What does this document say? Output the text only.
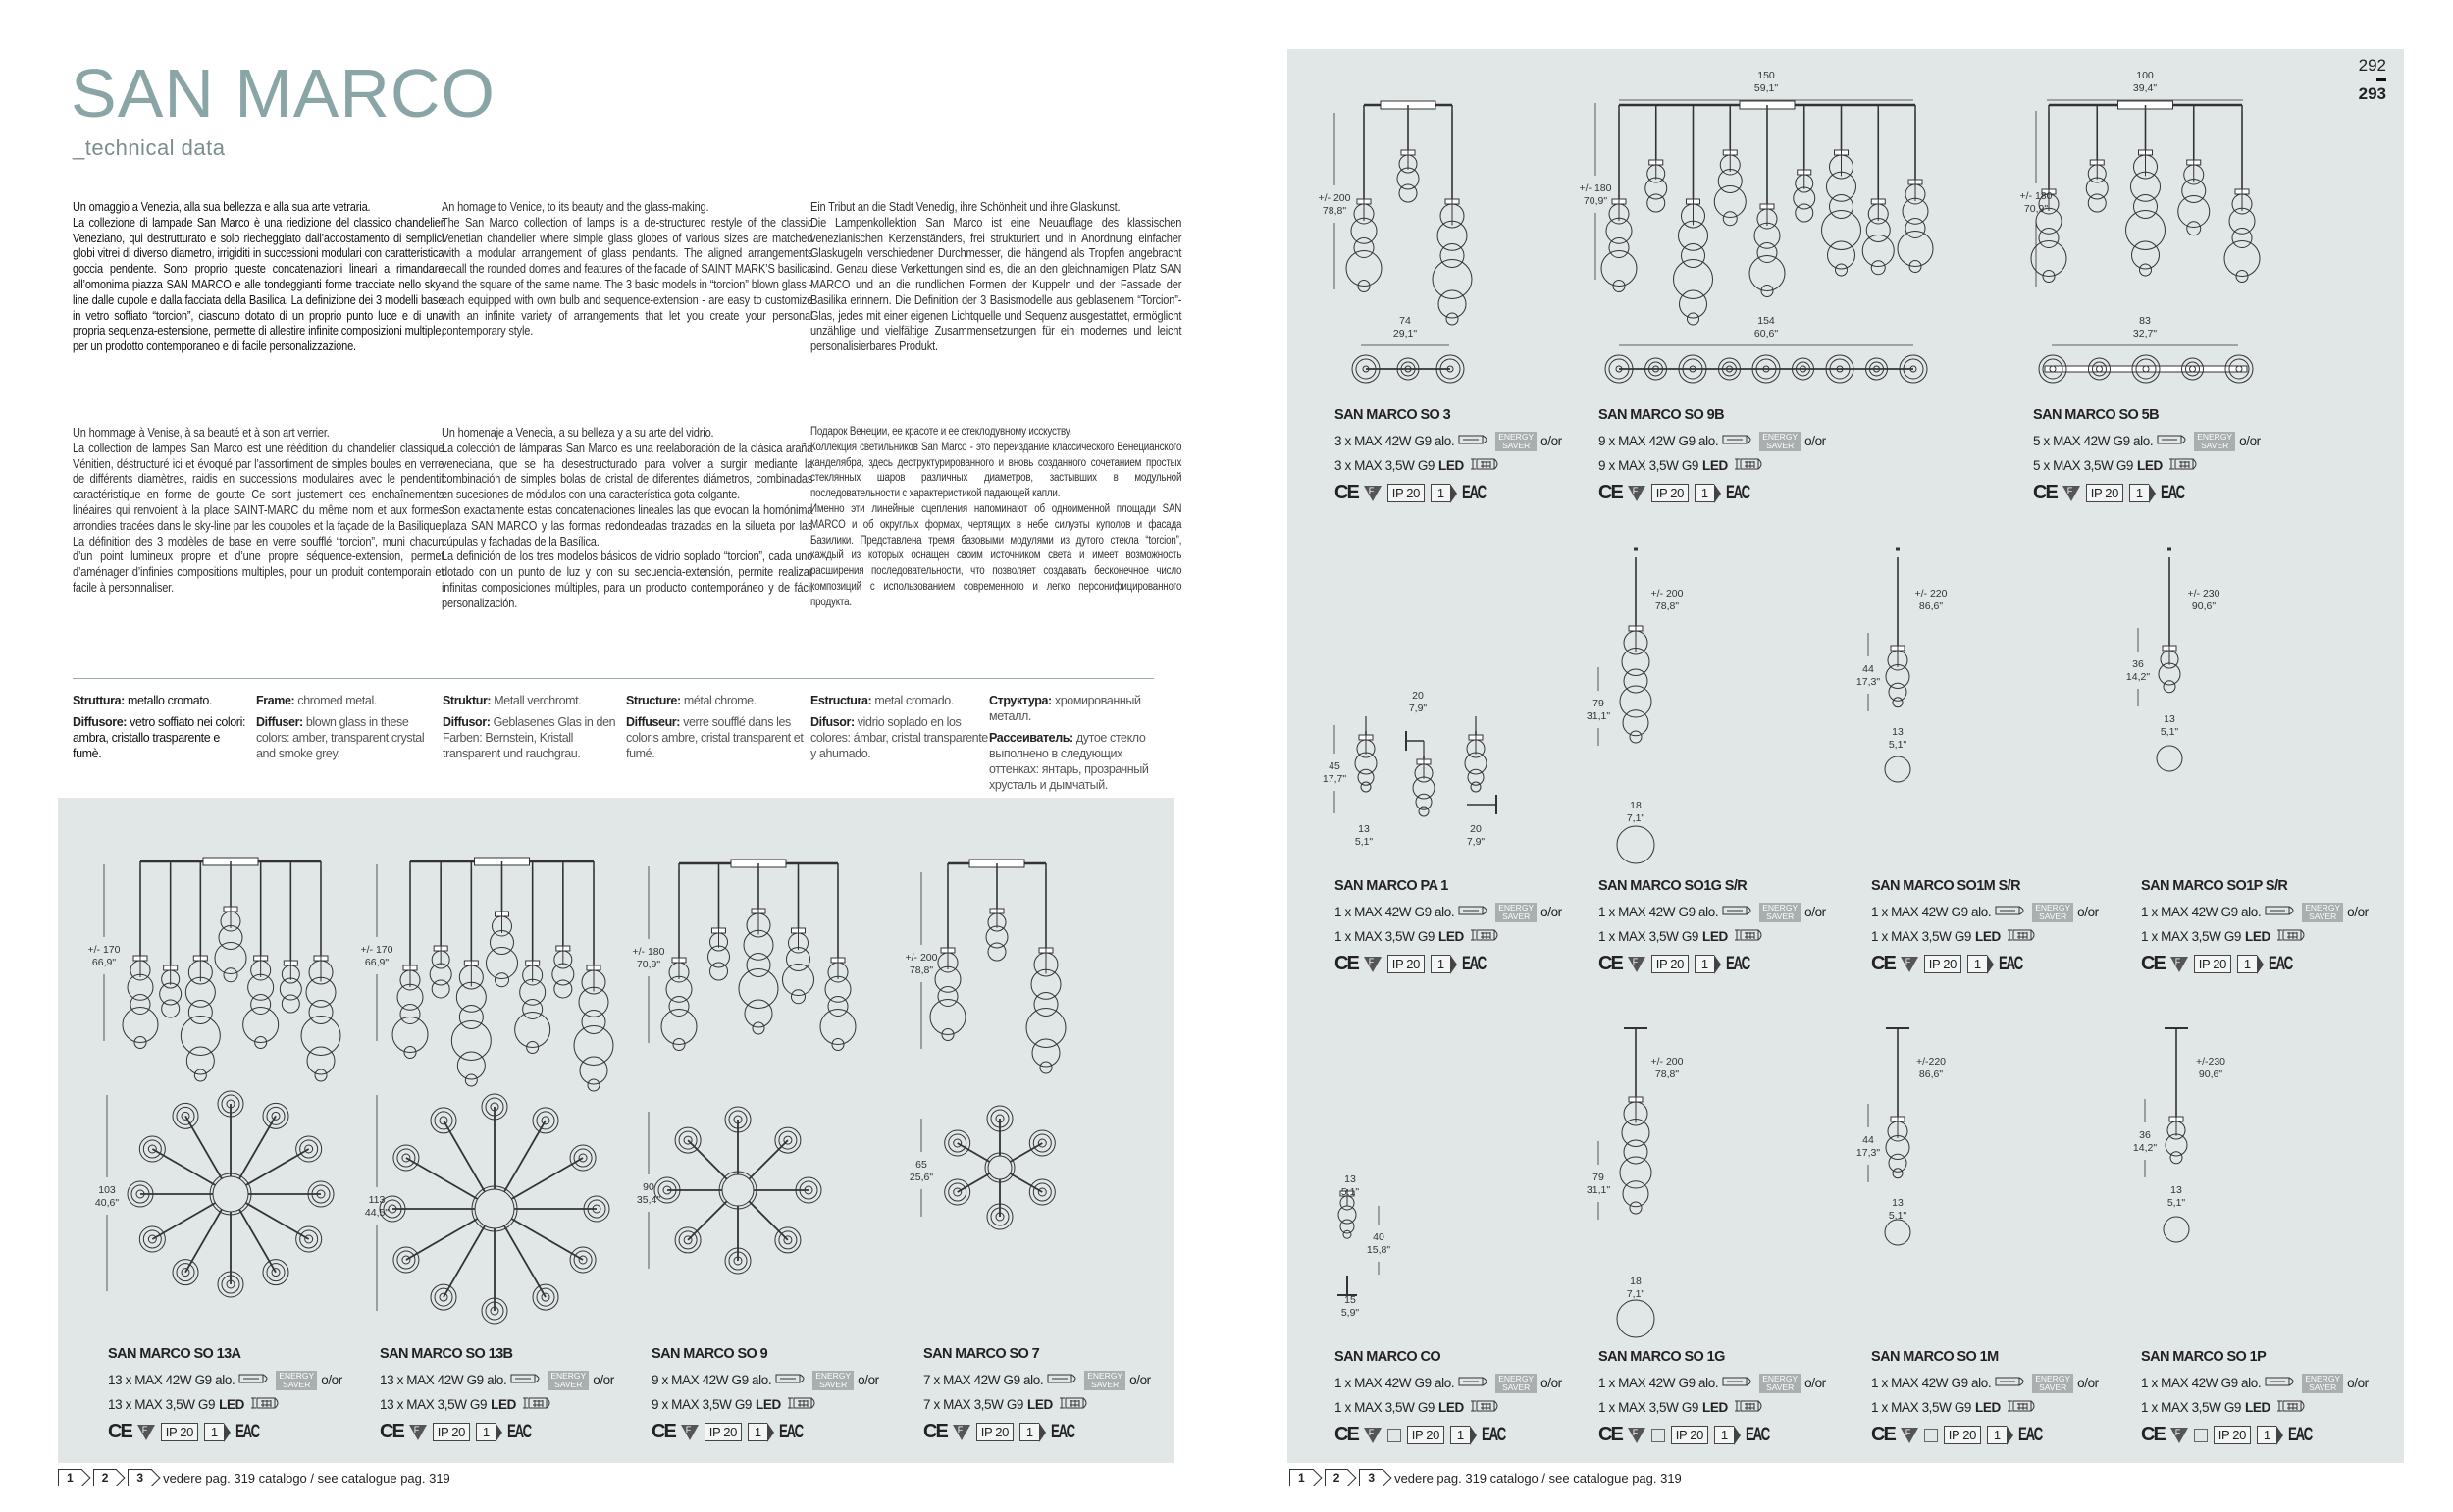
SAN MARCO
_technical data
292
293

Un omaggio a Venezia, alla sua bellezza e alla sua arte vetraria.

La collezione di lampade San Marco è una riedizione del classico chandelier Veneziano, qui destrutturato e solo riecheggiato dall’accostamento di semplici globi vitrei di diverso diametro, irrigiditi in successioni modulari con caratteristica goccia pendente. Sono proprio queste concatenazioni lineari a rimandare all’omonima piazza SAN MARCO e alle tondeggianti forme tracciate nello sky-line dalle cupole e dalla facciata della Basilica. La definizione dei 3 modelli base in vetro soffiato “torcion”, ciascuno dotato di un proprio punto luce e di una propria sequenza-estensione, permette di allestire infinite composizioni multiple, per un prodotto contemporaneo e di facile personalizzazione.

An homage to Venice, to its beauty and the glass-making.

The San Marco collection of lamps is a de-structured restyle of the classic Venetian chandelier where simple glass globes of various sizes are matched with a modular arrangement of glass pendants. The aligned arrangements recall the rounded domes and features of the facade of SAINT MARK’S basilica and the square of the same name. The 3 basic models in “torcion” blown glass - each equipped with own bulb and sequence-extension - are easy to customize with an infinite variety of arrangements that let you create your personal contemporary style.

Ein Tribut an die Stadt Venedig, ihre Schönheit und ihre Glaskunst.

Die Lampenkollektion San Marco ist eine Neuauflage des klassischen venezianischen Kerzenständers, frei strukturiert und in Anordnung einfacher Glaskugeln verschiedener Durchmesser, die hängend als Tropfen angebracht sind. Genau diese Verkettungen sind es, die an den gleichnamigen Platz SAN MARCO und an die rundlichen Formen der Kuppeln und der Fassade der Basilika erinnern. Die Definition der 3 Basismodelle aus geblasenem “Torcion”-Glas, jedes mit einer eigenen Lichtquelle und Sequenz ausgestattet, ermöglicht unzählige und vielfältige Zusammensetzungen für ein modernes und leicht personalisierbares Produkt.

Un hommage à Venise, à sa beauté et à son art verrier.

La collection de lampes San Marco est une réédition du chandelier classique Vénitien, déstructuré ici et évoqué par l’assortiment de simples boules en verre de différents diamètres, raidis en successions modulaires avec le pendentif caractéristique en forme de goutte Ce sont justement ces enchaînements linéaires qui renvoient à la place SAINT-MARC du même nom et aux formes arrondies tracées dans le sky-line par les coupoles et la façade de la Basilique. La définition des 3 modèles de base en verre soufflé “torcion”, muni chacun d’un point lumineux propre et d’une propre séquence-extension, permet d’aménager d’infinies compositions multiples, pour un produit contemporain et facile à personnaliser.

Un homenaje a Venecia, a su belleza y a su arte del vidrio.

La colección de lámparas San Marco es una reelaboración de la clásica araña veneciana, que se ha desestructurado para volver a surgir mediante la combinación de simples bolas de cristal de diferentes diámetros, combinadas en sucesiones de módulos con una característica gota colgante.

Son exactamente estas concatenaciones lineales las que evocan la homónima plaza SAN MARCO y las formas redondeadas trazadas en la silueta por las cúpulas y fachadas de la Basílica.

La definición de los tres modelos básicos de vidrio soplado “torcion”, cada uno dotado con un punto de luz y con su secuencia-extensión, permite realizar infinitas composiciones múltiples, para un producto contemporáneo y de fácil personalización.

Подарок Венеции, ее красоте и ее стеклодувному исскуству.

Коллекция светильников San Marco - это переиздание классического Венецианского канделябра, здесь деструктурированного и вновь созданного сочетанием простых стеклянных шаров различных диаметров, застывших в модульной последовательности с характеристикой падающей капли.

Именно эти линейные сцепления напоминают об одноименной площади SAN MARCO и об округлых формах, чертящих в небе силуэты куполов и фасада Базилики. Представлена тремя базовыми модулями из дутого стекла “torcion”, каждый из которых оснащен своим источником света и имеет возможность расширения последовательности, что позволяет создавать бесконечное число композиций с использованием современного и легко персонифицированного продукта.

Struttura: metallo cromato.
Diffusore: vetro soffiato nei colori: ambra, cristallo trasparente e fumè.
Frame: chromed metal.
Diffuser: blown glass in these colors: amber, transparent crystal and smoke grey.
Struktur: Metall verchromt.
Diffusor: Geblasenes Glas in den Farben: Bernstein, Kristall transparent und rauchgrau.
Structure: métal chrome.
Diffuseur: verre soufflé dans les coloris ambre, cristal transparent et fumé.
Estructura: metal cromado.
Difusor: vidrio soplado en los colores: ámbar, cristal transparente y ahumado.
Структура: хромированный металл.
Рассеиватель: дутое стекло выполнено в следующих оттенках: янтарь, прозрачный хрусталь и дымчатый.
+/- 170
66,9"
103
40,6"
+/- 170
66,9"
113
44,5"
+/- 180
70,9"
90
35,4"
+/- 200
78,8"
65
25,6"
+/- 200
78,8"
74
29,1"
150
59,1"
+/- 180
70,9"
154
60,6"
100
39,4"
+/- 180
70,9"
83
32,7"
20
7,9"
45
17,7"
13
5,1"
20
7,9"
+/- 200
78,8"
79
31,1"
18
7,1"
+/- 220
86,6"
44
17,3"
13
5,1"
+/- 230
90,6"
36
14,2"
13
5,1"
+/- 200
78,8"
79
31,1"
18
7,1"
+/-220
86,6"
44
17,3"
13
5,1"
+/-230
90,6"
36
14,2"
13
5,1"
13
5,1"
40
15,8"
15
5,9"
SAN MARCO SO 13A
13 x MAX 42W G9 alo.	ENERGY
SAVER o/or
13 x MAX 3,5W G9 LED
CE F	IP 20	1 EAC
SAN MARCO SO 13B
13 x MAX 42W G9 alo.	ENERGY
SAVER o/or
13 x MAX 3,5W G9 LED
CE F	IP 20	1 EAC
SAN MARCO SO 9
9 x MAX 42W G9 alo.	ENERGY
SAVER o/or
9 x MAX 3,5W G9 LED
CE F	IP 20	1 EAC
SAN MARCO SO 7
7 x MAX 42W G9 alo.	ENERGY
SAVER o/or
7 x MAX 3,5W G9 LED
CE F	IP 20	1 EAC
SAN MARCO SO 3
3 x MAX 42W G9 alo.	ENERGY
SAVER o/or
3 x MAX 3,5W G9 LED
CE F	IP 20	1 EAC
SAN MARCO SO 9B
9 x MAX 42W G9 alo.	ENERGY
SAVER o/or
9 x MAX 3,5W G9 LED
CE F	IP 20	1 EAC
SAN MARCO SO 5B
5 x MAX 42W G9 alo.	ENERGY
SAVER o/or
5 x MAX 3,5W G9 LED
CE F	IP 20	1 EAC
SAN MARCO PA 1
1 x MAX 42W G9 alo.	ENERGY
SAVER o/or
1 x MAX 3,5W G9 LED
CE F	IP 20	1 EAC
SAN MARCO SO1G S/R
1 x MAX 42W G9 alo.	ENERGY
SAVER o/or
1 x MAX 3,5W G9 LED
CE F	IP 20	1 EAC
SAN MARCO SO1M S/R
1 x MAX 42W G9 alo.	ENERGY
SAVER o/or
1 x MAX 3,5W G9 LED
CE F	IP 20	1 EAC
SAN MARCO SO1P S/R
1 x MAX 42W G9 alo.	ENERGY
SAVER o/or
1 x MAX 3,5W G9 LED
CE F	IP 20	1 EAC
SAN MARCO CO
1 x MAX 42W G9 alo.	ENERGY
SAVER o/or
1 x MAX 3,5W G9 LED
CE F	IP 20	1 EAC
SAN MARCO SO 1G
1 x MAX 42W G9 alo.	ENERGY
SAVER o/or
1 x MAX 3,5W G9 LED
CE F	IP 20	1 EAC
SAN MARCO SO 1M
1 x MAX 42W G9 alo.	ENERGY
SAVER o/or
1 x MAX 3,5W G9 LED
CE F	IP 20	1 EAC
SAN MARCO SO 1P
1 x MAX 42W G9 alo.	ENERGY
SAVER o/or
1 x MAX 3,5W G9 LED
CE F	IP 20	1 EAC
1	2	3	vedere pag. 319 catalogo / see catalogue pag. 319	1	2	3	vedere pag. 319 catalogo / see catalogue pag. 319
